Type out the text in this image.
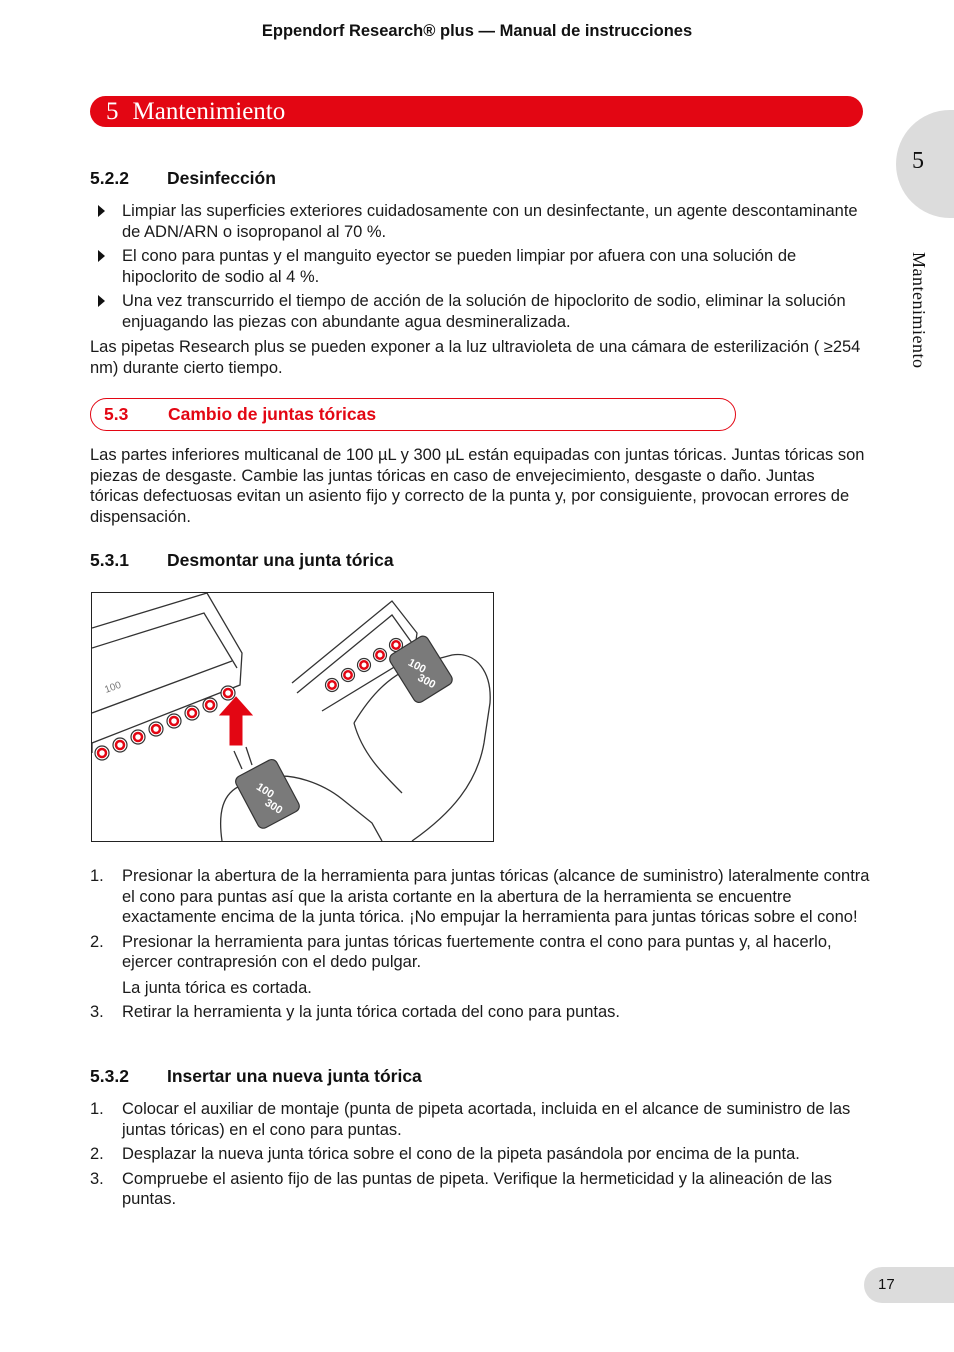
Eppendorf Research® plus — Manual de instrucciones
5 Mantenimiento
5
Mantenimiento
5.2.2 Desinfección
Limpiar las superficies exteriores cuidadosamente con un desinfectante, un agente descontaminante de ADN/ARN o isopropanol al 70 %.
El cono para puntas y el manguito eyector se pueden limpiar por afuera con una solución de hipoclorito de sodio al 4 %.
Una vez transcurrido el tiempo de acción de la solución de hipoclorito de sodio, eliminar la solución enjuagando las piezas con abundante agua desmineralizada.

Las pipetas Research plus se pueden exponer a la luz ultravioleta de una cámara de esterilización ( ≥254 nm) durante cierto tiempo.

5.3 Cambio de juntas tóricas

Las partes inferiores multicanal de 100 µL y 300 µL están equipadas con juntas tóricas. Juntas tóricas son piezas de desgaste. Cambie las juntas tóricas en caso de envejecimiento, desgaste o daño. Juntas tóricas defectuosas evitan un asiento fijo y correcto de la punta y, por consiguiente, provocan errores de dispensación.

5.3.1 Desmontar una junta tórica
100
100
300
100
300
1. Presionar la abertura de la herramienta para juntas tóricas (alcance de suministro) lateralmente contra el cono para puntas así que la arista cortante en la abertura de la herramienta se encuentre exactamente encima de la junta tórica. ¡No empujar la herramienta para juntas tóricas sobre el cono!
2. Presionar la herramienta para juntas tóricas fuertemente contra el cono para puntas y, al hacerlo, ejercer contrapresión con el dedo pulgar.
La junta tórica es cortada.
3. Retirar la herramienta y la junta tórica cortada del cono para puntas.
5.3.2 Insertar una nueva junta tórica
1. Colocar el auxiliar de montaje (punta de pipeta acortada, incluida en el alcance de suministro de las juntas tóricas) en el cono para puntas.
2. Desplazar la nueva junta tórica sobre el cono de la pipeta pasándola por encima de la punta.
3. Compruebe el asiento fijo de las puntas de pipeta. Verifique la hermeticidad y la alineación de las puntas.
17
